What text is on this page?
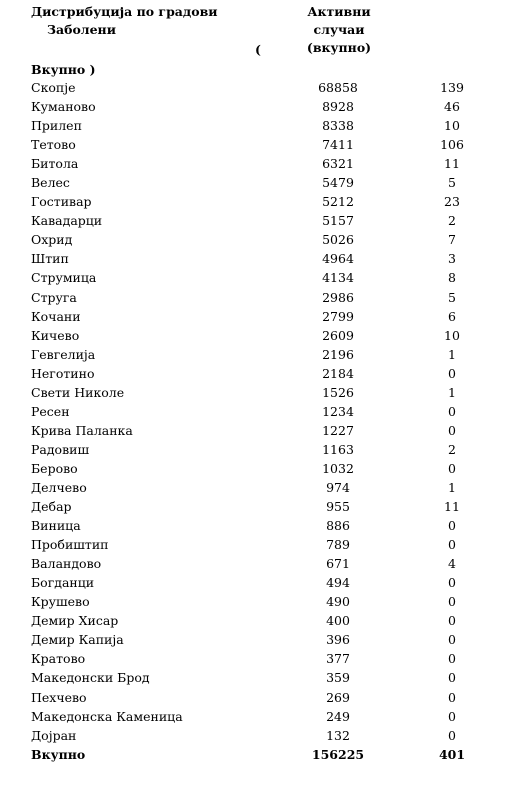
Дистрибуција по градови
Заболени
(
Активни
случаи
(вкупно)
Вкупно )
Скопје	68858	139
Куманово	8928	46
Прилеп	8338	10
Тетово	7411	106
Битола	6321	11
Велес	5479	5
Гостивар	5212	23
Кавадарци	5157	2
Охрид	5026	7
Штип	4964	3
Струмица	4134	8
Струга	2986	5
Кочани	2799	6
Кичево	2609	10
Гевгелија	2196	1
Неготино	2184	0
Свети Николе	1526	1
Ресен	1234	0
Крива Паланка	1227	0
Радовиш	1163	2
Берово	1032	0
Делчево	974	1
Дебар	955	11
Виница	886	0
Пробиштип	789	0
Валандово	671	4
Богданци	494	0
Крушево	490	0
Демир Хисар	400	0
Демир Капија	396	0
Кратово	377	0
Македонски Брод	359	0
Пехчево	269	0
Македонска Каменица	249	0
Дојран	132	0
Вкупно	156225	401
